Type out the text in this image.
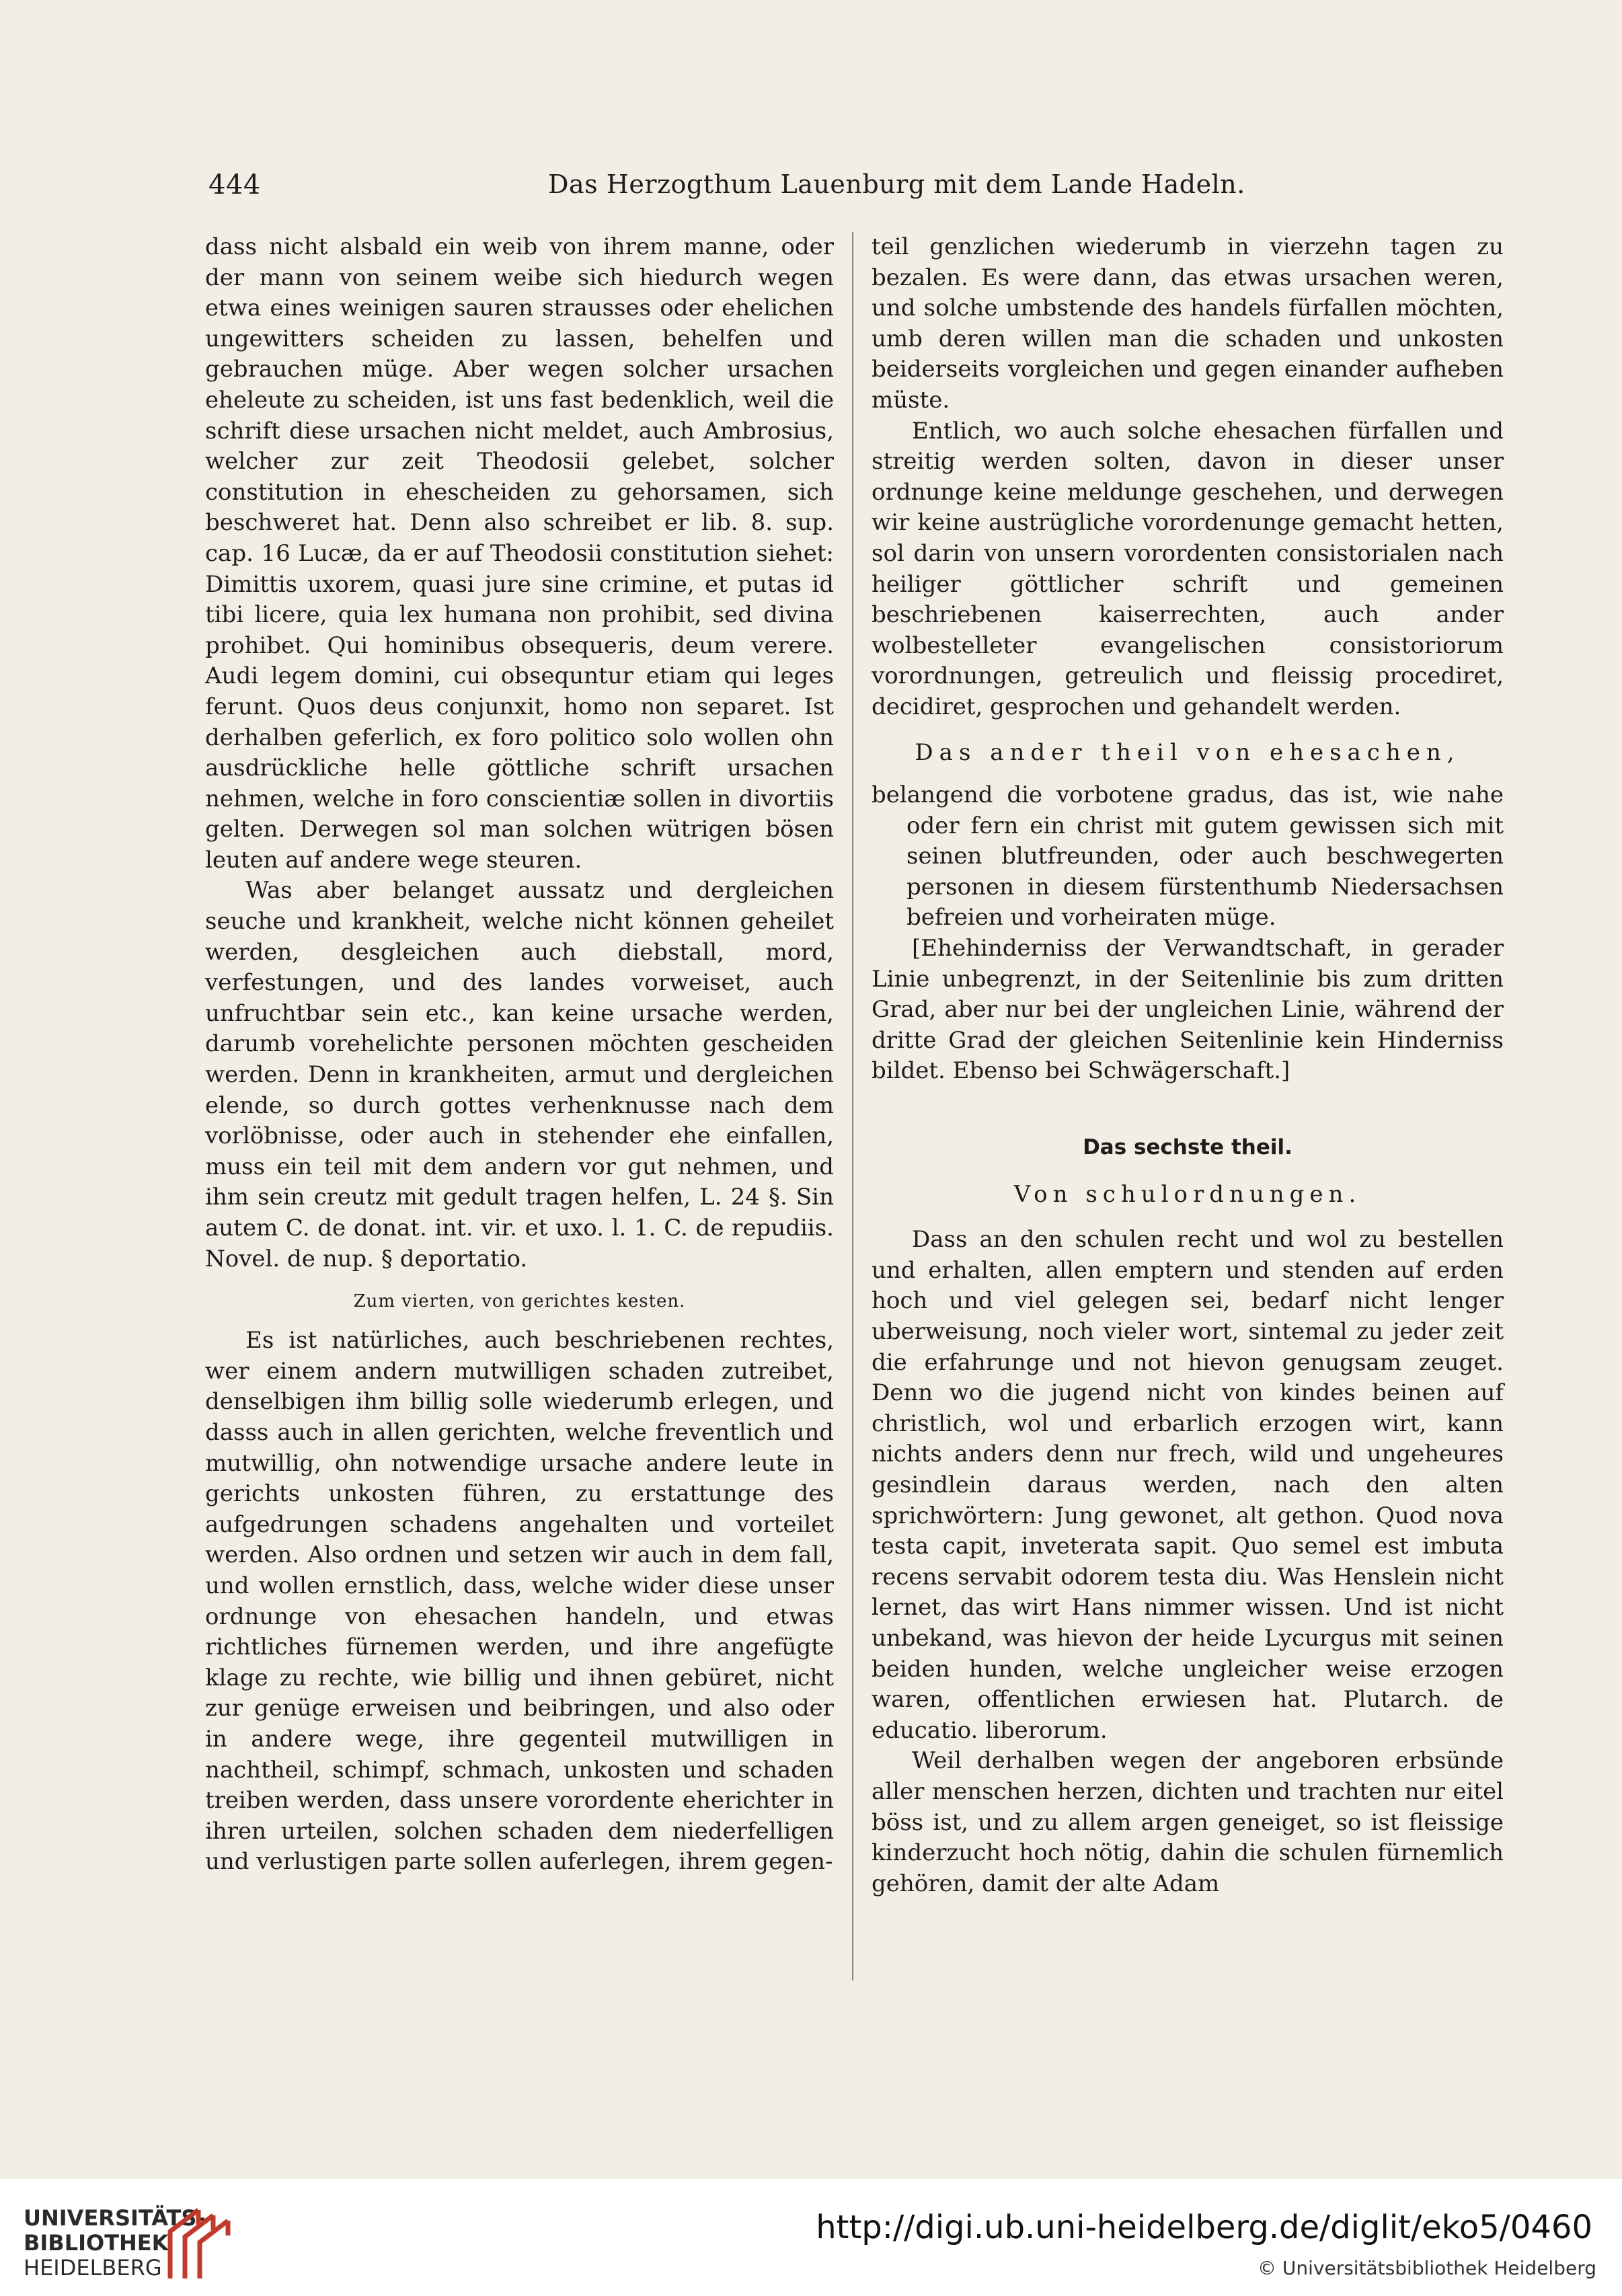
444	Das Herzogthum Lauenburg mit dem Lande Hadeln.

dass nicht alsbald ein weib von ihrem manne, oder der mann von seinem weibe sich hiedurch wegen etwa eines weinigen sauren straussеs oder ehelichen ungewitters scheiden zu lassen, behelfen und gebrauchen müge. Aber wegen solcher ursachen eheleute zu scheiden, ist uns fast bedenklich, weil die schrift diese ursachen nicht meldet, auch Ambrosius, welcher zur zeit Theodosii gelebet, solcher constitution in ehescheiden zu gehorsamen, sich beschweret hat. Denn also schreibet er lib. 8. sup. cap. 16 Lucæ, da er auf Theodosii constitution siehet: Dimittis uxorem, quasi jure sine crimine, et putas id tibi licere, quia lex humana non prohibit, sed divina prohibet. Qui hominibus obsequeris, deum verere. Audi legem domini, cui obsequntur etiam qui leges ferunt. Quos deus conjunxit, homo non separet. Ist derhalben geferlich, ex foro politico solo wollen ohn ausdrückliche helle göttliche schrift ursachen nehmen, welche in foro conscientiæ sollen in divortiis gelten. Derwegen sol man solchen wütrigen bösen leuten auf andere wege steuren.

Was aber belanget aussatz und dergleichen seuche und krankheit, welche nicht können geheilet werden, desgleichen auch diebstall, mord, verfestungen, und des landes vorweiset, auch unfruchtbar sein etc., kan keine ursache werden, darumb vorehelichte personen möchten gescheiden werden. Denn in krankheiten, armut und dergleichen elende, so durch gottes verhenknusse nach dem vorlöbnisse, oder auch in stehender ehe einfallen, muss ein teil mit dem andern vor gut nehmen, und ihm sein creutz mit gedult tragen helfen, L. 24 §. Sin autem C. de donat. int. vir. et uxo. l. 1. C. de repudiis. Novel. de nup. § deportatio.

Zum vierten, von gerichtes kesten.

Es ist natürliches, auch beschriebenen rechtes, wer einem andern mutwilligen schaden zutreibet, denselbigen ihm billig solle wiederumb erlegen, und dasss auch in allen gerichten, welche freventlich und mutwillig, ohn notwendige ursache andere leute in gerichts unkosten führen, zu erstattunge des aufgedrungen schadens angehalten und vorteilet werden. Also ordnen und setzen wir auch in dem fall, und wollen ernstlich, dass, welche wider diese unser ordnunge von ehesachen handeln, und etwas richtliches fürnemen werden, und ihre angefügte klage zu rechte, wie billig und ihnen gebüret, nicht zur genüge erweisen und beibringen, und also oder in andere wege, ihre gegenteil mutwilligen in nachtheil, schimpf, schmach, unkosten und schaden treiben werden, dass unsere vorordente eherichter in ihren urteilen, solchen schaden dem niederfelligen und verlustigen parte sollen auferlegen, ihrem gegen-

teil genzlichen wiederumb in vierzehn tagen zu bezalen. Es were dann, das etwas ursachen weren, und solche umbstende des handels fürfallen möchten, umb deren willen man die schaden und unkosten beiderseits vorgleichen und gegen einander aufheben müste.

Entlich, wo auch solche ehesachen fürfallen und streitig werden solten, davon in dieser unser ordnunge keine meldunge geschehen, und derwegen wir keine austrügliche vorordenunge gemacht hetten, sol darin von unsern vorordenten consistorialen nach heiliger göttlicher schrift und gemeinen beschriebenen kaiserrechten, auch ander wolbestelleter evangelischen consistoriorum vorordnungen, getreulich und fleissig procediret, decidiret, gesprochen und gehandelt werden.

Das ander theil von ehesachen,

belangend die vorbotene gradus, das ist, wie nahe oder fern ein christ mit gutem gewissen sich mit seinen blutfreunden, oder auch beschwegerten personen in diesem fürstenthumb Niedersachsen befreien und vorheiraten müge.

[Ehehinderniss der Verwandtschaft, in gerader Linie unbegrenzt, in der Seitenlinie bis zum dritten Grad, aber nur bei der ungleichen Linie, während der dritte Grad der gleichen Seitenlinie kein Hinderniss bildet. Ebenso bei Schwägerschaft.]

Das sechste theil.
Von schulordnungen.

Dass an den schulen recht und wol zu bestellen und erhalten, allen emptern und stenden auf erden hoch und viel gelegen sei, bedarf nicht lenger uberweisung, noch vieler wort, sintemal zu jeder zeit die erfahrunge und not hievon genugsam zeuget. Denn wo die jugend nicht von kindes beinen auf christlich, wol und erbarlich erzogen wirt, kann nichts anders denn nur frech, wild und ungeheures gesindlein daraus werden, nach den alten sprichwörtern: Jung gewonet, alt gethon. Quod nova testa capit, inveterata sapit. Quo semel est imbuta recens servabit odorem testa diu. Was Henslein nicht lernet, das wirt Hans nimmer wissen. Und ist nicht unbekand, was hievon der heide Lycurgus mit seinen beiden hunden, welche ungleicher weise erzogen waren, offentlichen erwiesen hat. Plutarch. de educatio. liberorum.

Weil derhalben wegen der angeboren erbsünde aller menschen herzen, dichten und trachten nur eitel böss ist, und zu allem argen geneiget, so ist fleissige kinderzucht hoch nötig, dahin die schulen fürnemlich gehören, damit der alte Adam

UNIVERSITÄTS-
BIBLIOTHEK
HEIDELBERG
http://digi.ub.uni-heidelberg.de/diglit/eko5/0460
© Universitätsbibliothek Heidelberg
